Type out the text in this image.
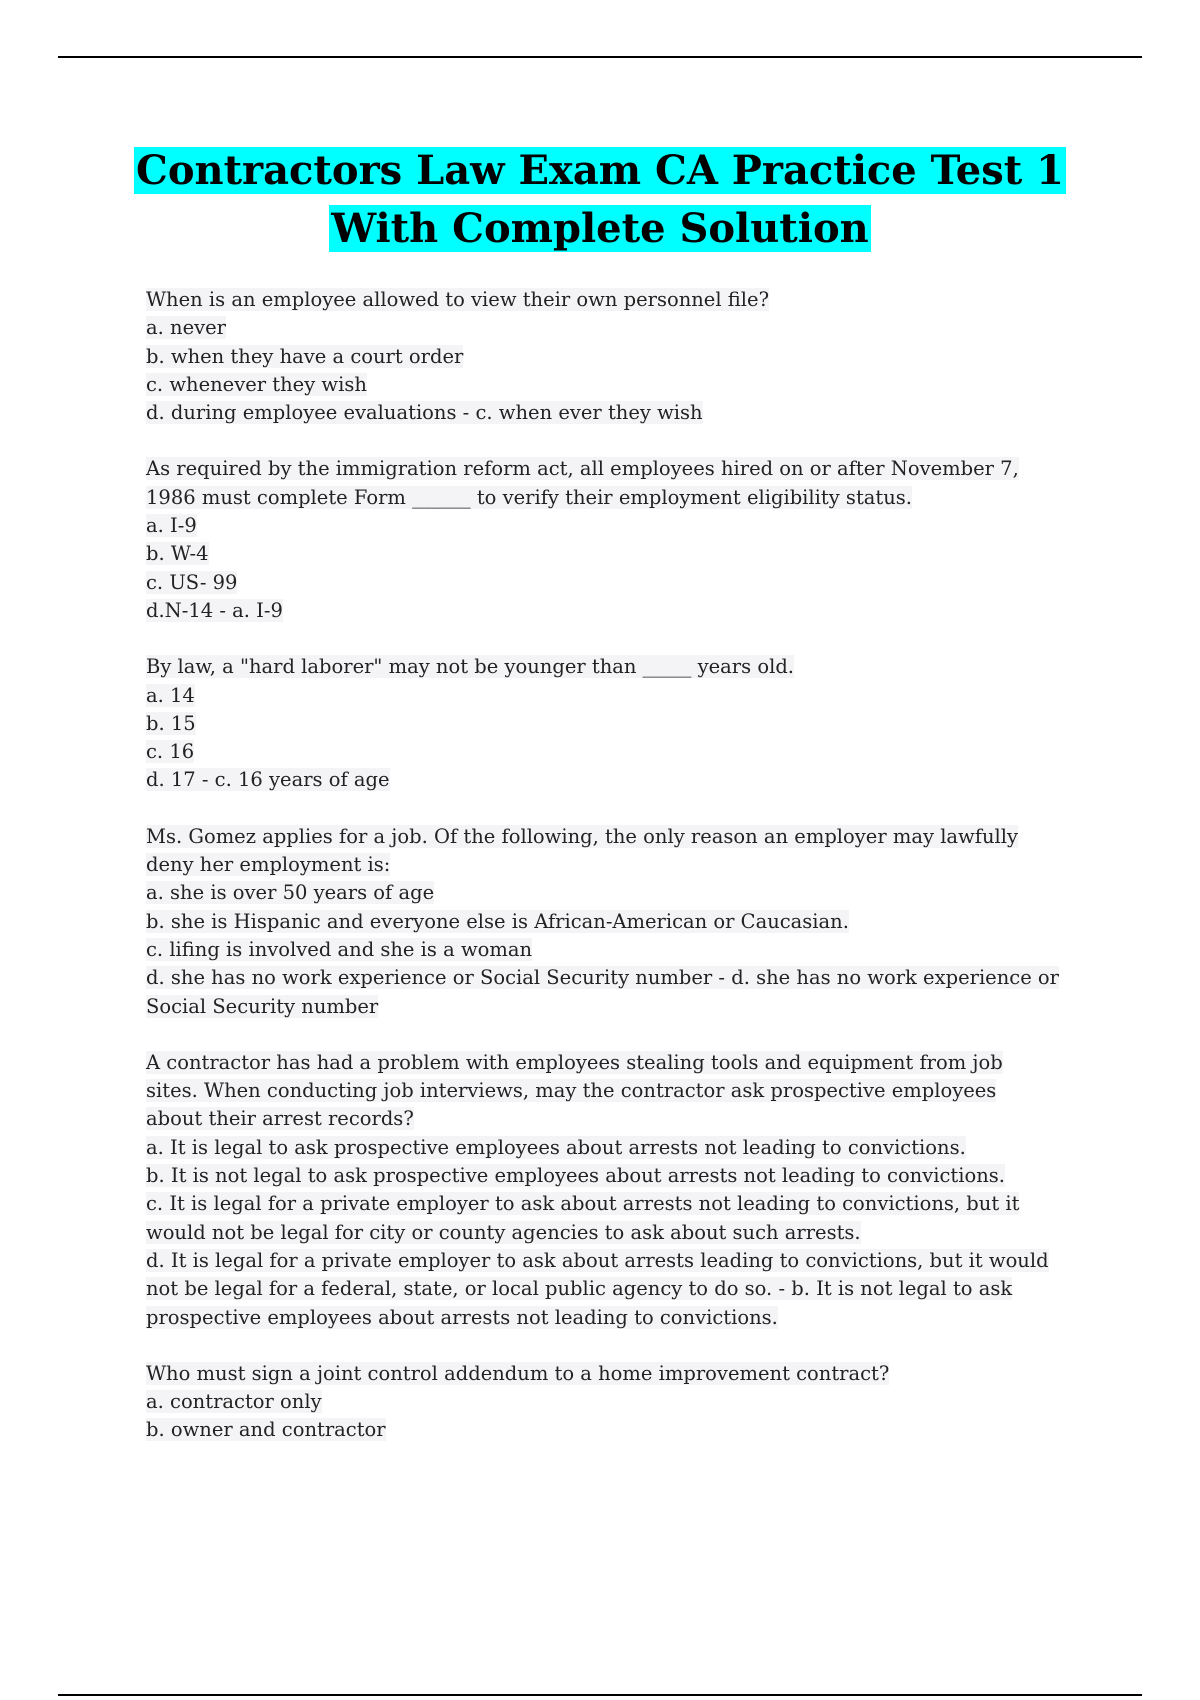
Contractors Law Exam CA Practice Test 1
With Complete Solution
When is an employee allowed to view their own personnel file?
a. never
b. when they have a court order
c. whenever they wish
d. during employee evaluations - c. when ever they wish
As required by the immigration reform act, all employees hired on or after November 7,
1986 must complete Form ______ to verify their employment eligibility status.
a. I-9
b. W-4
c. US- 99
d.N-14 - a. I-9
By law, a "hard laborer" may not be younger than _____ years old.
a. 14
b. 15
c. 16
d. 17 - c. 16 years of age
Ms. Gomez applies for a job. Of the following, the only reason an employer may lawfully
deny her employment is:
a. she is over 50 years of age
b. she is Hispanic and everyone else is African-American or Caucasian.
c. lifing is involved and she is a woman
d. she has no work experience or Social Security number - d. she has no work experience or
Social Security number
A contractor has had a problem with employees stealing tools and equipment from job
sites. When conducting job interviews, may the contractor ask prospective employees
about their arrest records?
a. It is legal to ask prospective employees about arrests not leading to convictions.
b. It is not legal to ask prospective employees about arrests not leading to convictions.
c. It is legal for a private employer to ask about arrests not leading to convictions, but it
would not be legal for city or county agencies to ask about such arrests.
d. It is legal for a private employer to ask about arrests leading to convictions, but it would
not be legal for a federal, state, or local public agency to do so. - b. It is not legal to ask
prospective employees about arrests not leading to convictions.
Who must sign a joint control addendum to a home improvement contract?
a. contractor only
b. owner and contractor
